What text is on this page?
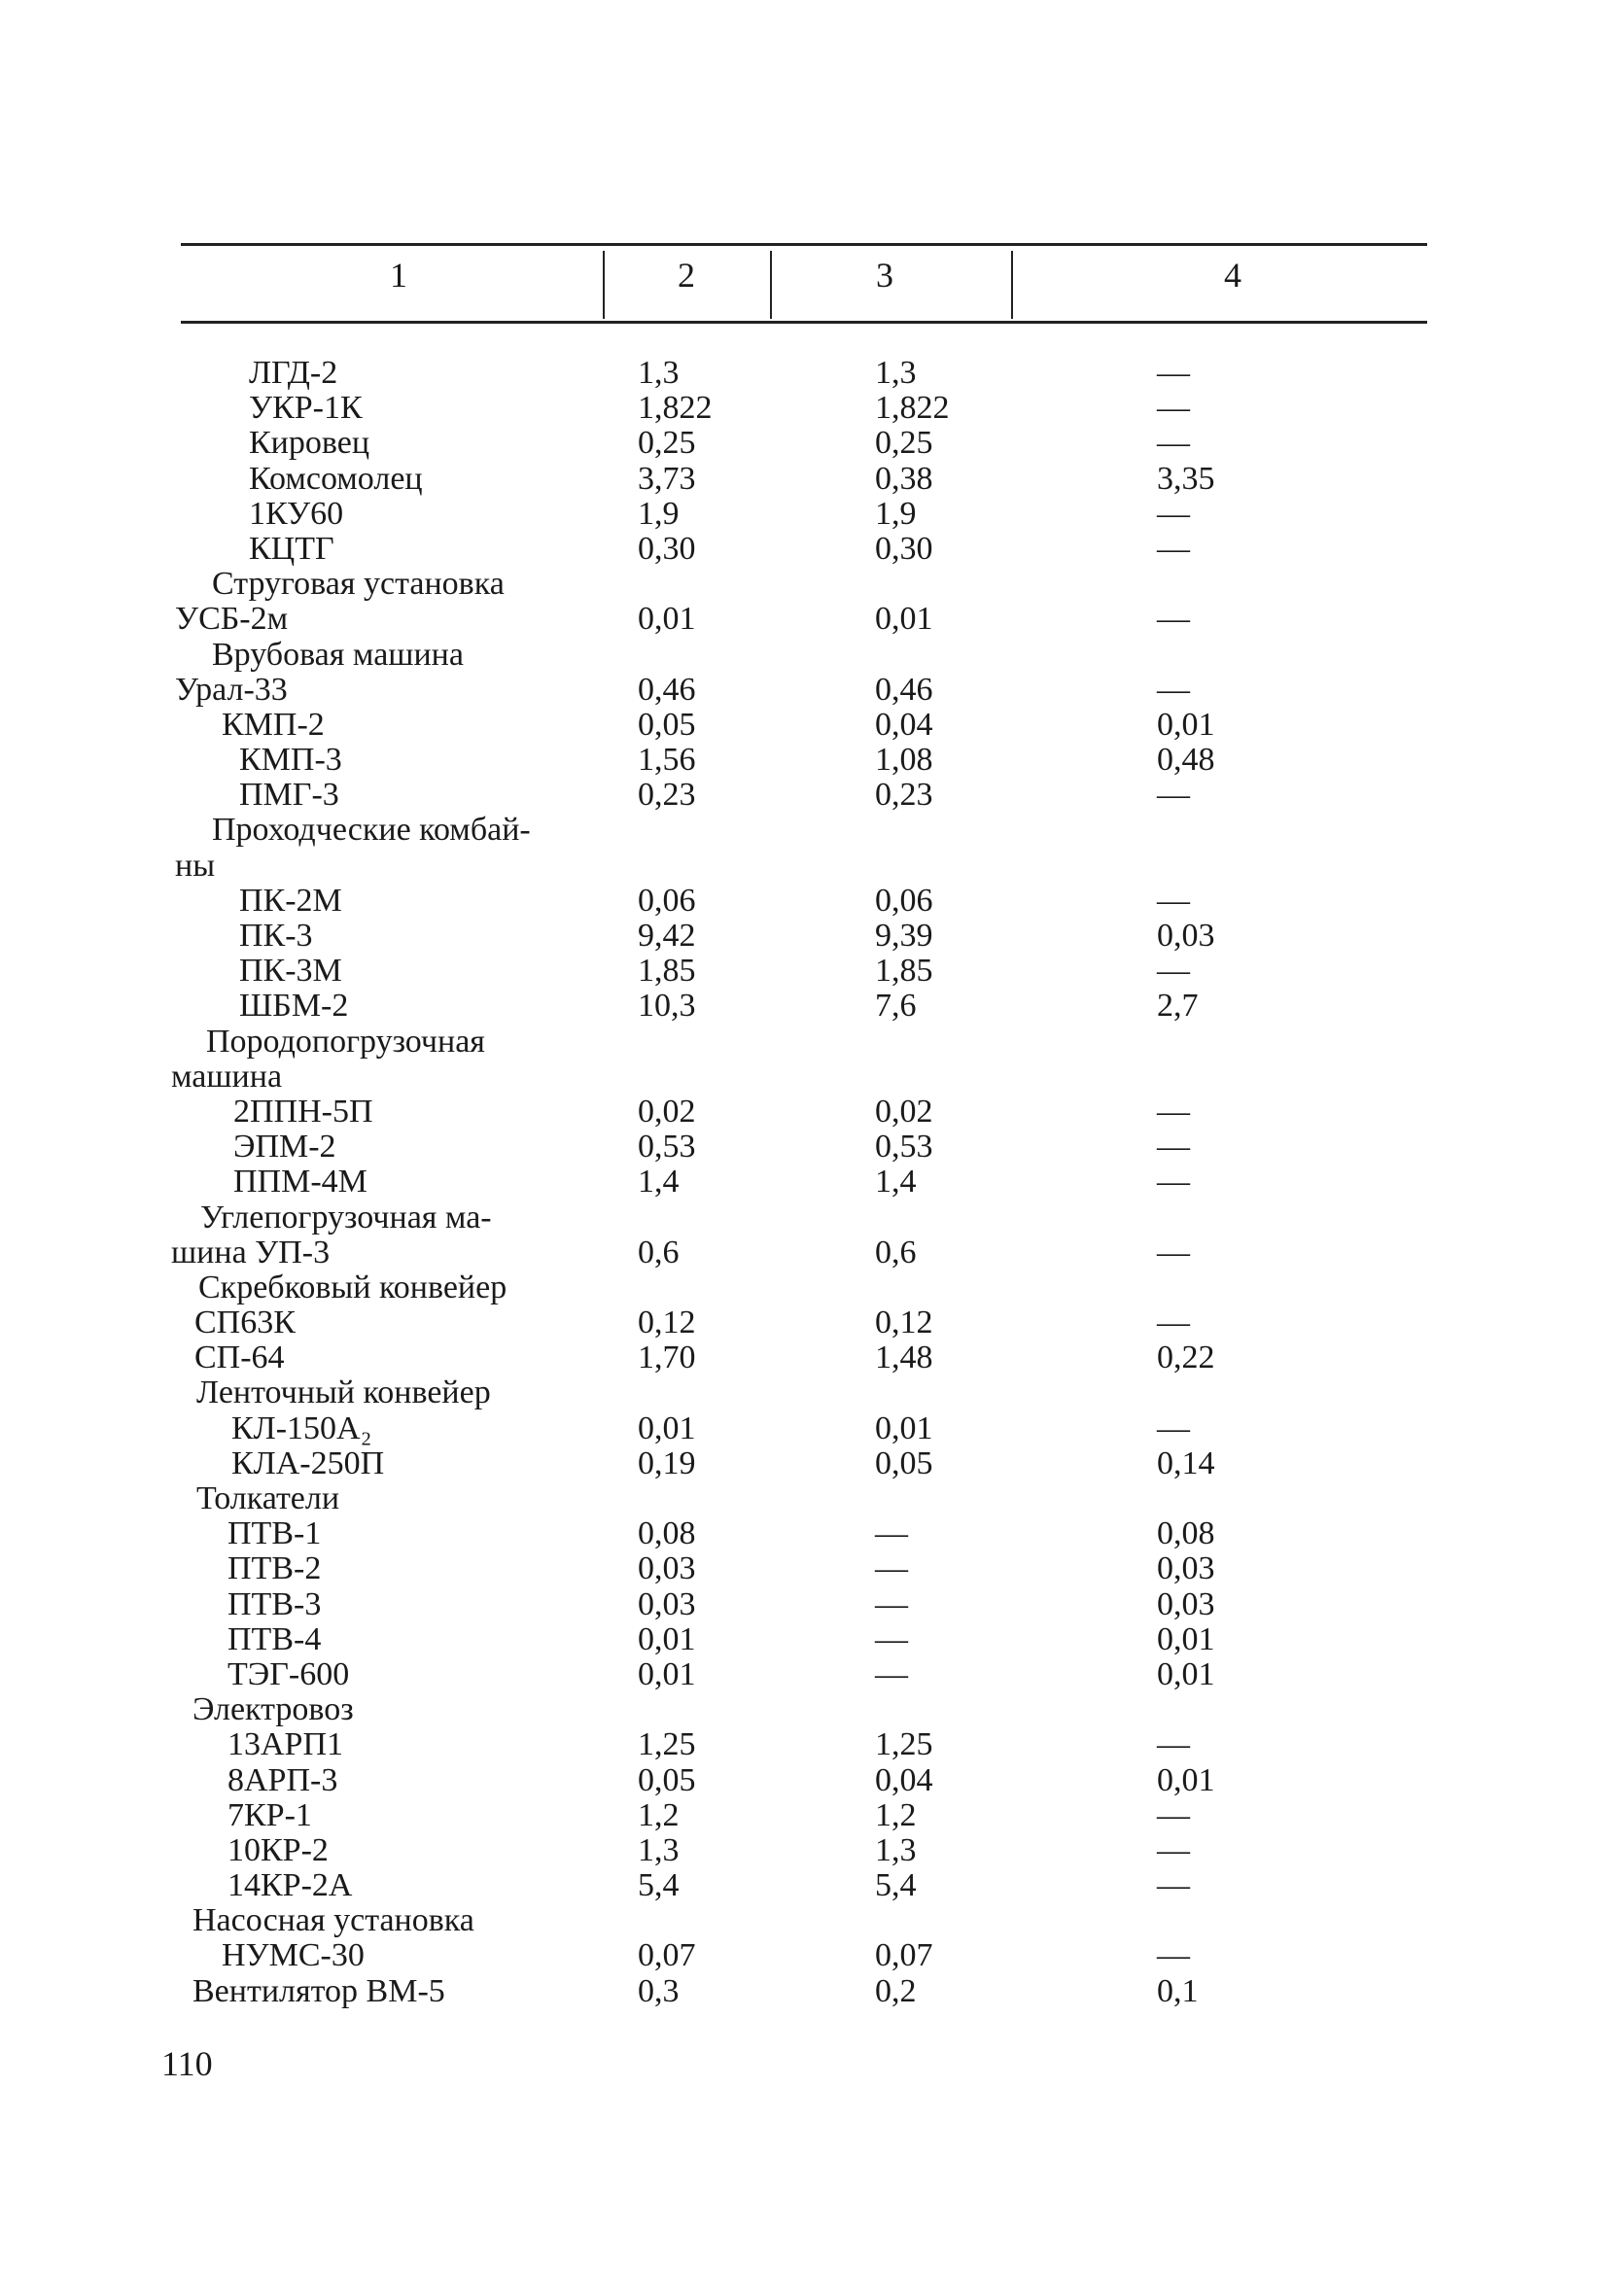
1	2	3	4
ЛГД-2	1,3	1,3	—
УКР-1К	1,822	1,822	—
Кировец	0,25	0,25	—
Комсомолец	3,73	0,38	3,35
1КУ60	1,9	1,9	—
КЦТГ	0,30	0,30	—
Струговая установка
УСБ-2м	0,01	0,01	—
Врубовая машина
Урал-33	0,46	0,46	—
КМП-2	0,05	0,04	0,01
КМП-3	1,56	1,08	0,48
ПМГ-3	0,23	0,23	—
Проходческие комбай-
ны
ПК-2М	0,06	0,06	—
ПК-3	9,42	9,39	0,03
ПК-3М	1,85	1,85	—
ШБМ-2	10,3	7,6	2,7
Породопогрузочная
машина
2ППН-5П	0,02	0,02	—
ЭПМ-2	0,53	0,53	—
ППМ-4М	1,4	1,4	—
Углепогрузочная ма-
шина УП-3	0,6	0,6	—
Скребковый конвейер
СП63К	0,12	0,12	—
СП-64	1,70	1,48	0,22
Ленточный конвейер
КЛ-150А₂	0,01	0,01	—
КЛА-250П	0,19	0,05	0,14
Толкатели
ПТВ-1	0,08	—	0,08
ПТВ-2	0,03	—	0,03
ПТВ-3	0,03	—	0,03
ПТВ-4	0,01	—	0,01
ТЭГ-600	0,01	—	0,01
Электровоз
13АРП1	1,25	1,25	—
8АРП-3	0,05	0,04	0,01
7КР-1	1,2	1,2	—
10КР-2	1,3	1,3	—
14КР-2А	5,4	5,4	—
Насосная установка
НУМС-30	0,07	0,07	—
Вентилятор ВМ-5	0,3	0,2	0,1
110
